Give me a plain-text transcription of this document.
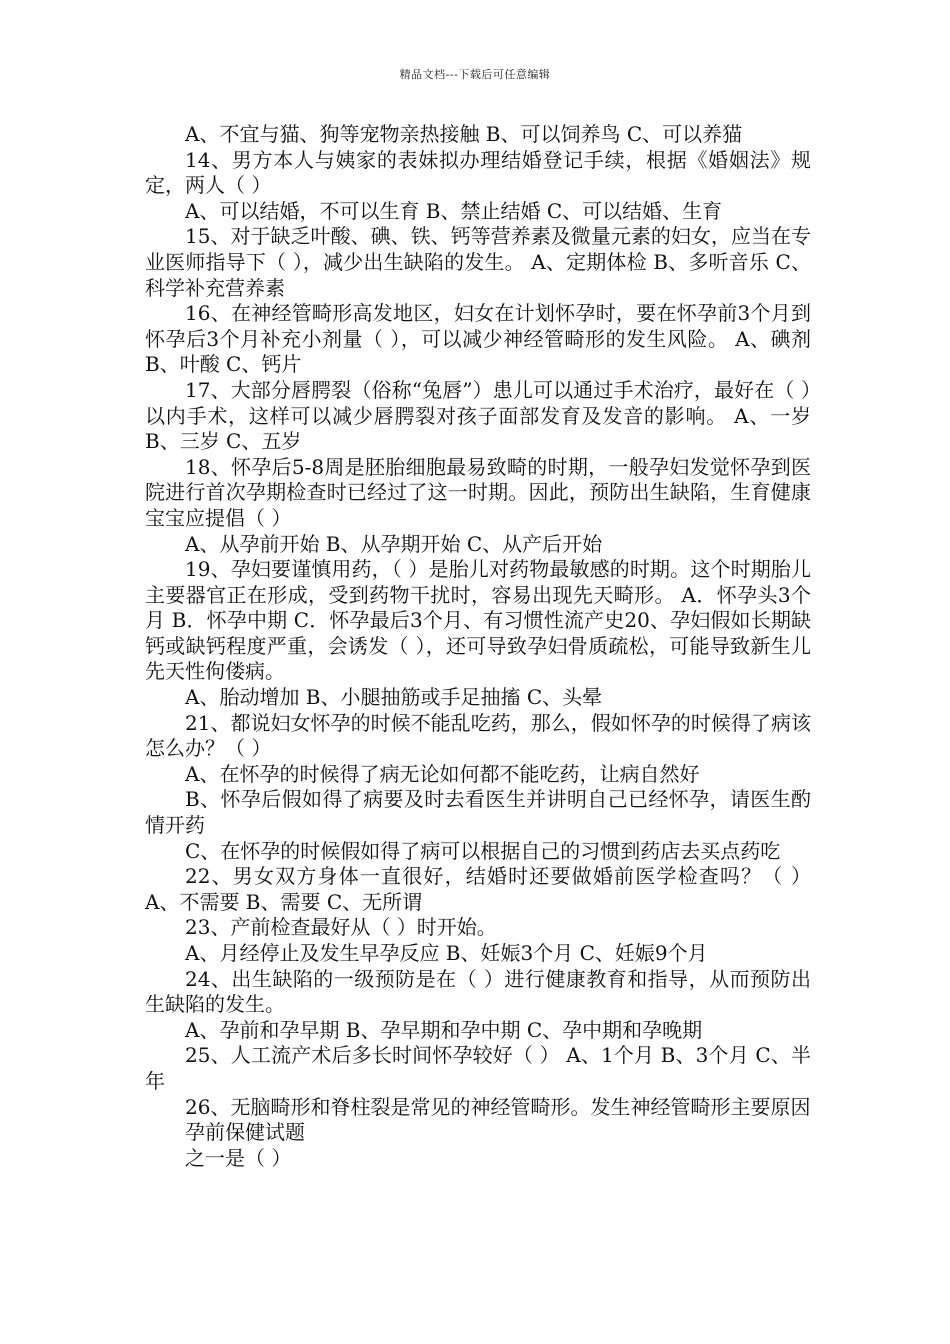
精品文档---下载后可任意编辑

A、不宜与猫、狗等宠物亲热接触 B、可以饲养鸟 C、可以养猫

14、男方本人与姨家的表妹拟办理结婚登记手续，根据《婚姻法》规定，两人（ ）

A、可以结婚，不可以生育 B、禁止结婚 C、可以结婚、生育

15、对于缺乏叶酸、碘、铁、钙等营养素及微量元素的妇女，应当在专业医师指导下（ ），减少出生缺陷的发生。 A、定期体检 B、多听音乐 C、科学补充营养素

16、在神经管畸形高发地区，妇女在计划怀孕时，要在怀孕前3个月到怀孕后3个月补充小剂量（ ），可以减少神经管畸形的发生风险。 A、碘剂 B、叶酸 C、钙片

17、大部分唇腭裂（俗称“兔唇”）患儿可以通过手术治疗，最好在（ ）以内手术，这样可以减少唇腭裂对孩子面部发育及发音的影响。 A、一岁 B、三岁 C、五岁

18、怀孕后5-8周是胚胎细胞最易致畸的时期，一般孕妇发觉怀孕到医院进行首次孕期检查时已经过了这一时期。因此，预防出生缺陷，生育健康宝宝应提倡（ ）

A、从孕前开始 B、从孕期开始 C、从产后开始

19、孕妇要谨慎用药，（ ）是胎儿对药物最敏感的时期。这个时期胎儿主要器官正在形成，受到药物干扰时，容易出现先天畸形。 A．怀孕头3个月 B．怀孕中期 C．怀孕最后3个月、有习惯性流产史20、孕妇假如长期缺钙或缺钙程度严重，会诱发（ ），还可导致孕妇骨质疏松，可能导致新生儿先天性佝偻病。

A、胎动增加 B、小腿抽筋或手足抽搐 C、头晕

21、都说妇女怀孕的时候不能乱吃药，那么，假如怀孕的时候得了病该怎么办？（ ）

A、在怀孕的时候得了病无论如何都不能吃药，让病自然好

B、怀孕后假如得了病要及时去看医生并讲明自己已经怀孕，请医生酌情开药

C、在怀孕的时候假如得了病可以根据自己的习惯到药店去买点药吃

22、男女双方身体一直很好，结婚时还要做婚前医学检查吗？（ ） A、不需要 B、需要 C、无所谓

23、产前检查最好从（ ）时开始。

A、月经停止及发生早孕反应 B、妊娠3个月 C、妊娠9个月

24、出生缺陷的一级预防是在（ ）进行健康教育和指导，从而预防出生缺陷的发生。

A、孕前和孕早期 B、孕早期和孕中期 C、孕中期和孕晚期

25、人工流产术后多长时间怀孕较好（ ） A、1个月 B、3个月 C、半年

26、无脑畸形和脊柱裂是常见的神经管畸形。发生神经管畸形主要原因

孕前保健试题

之一是（ ）
